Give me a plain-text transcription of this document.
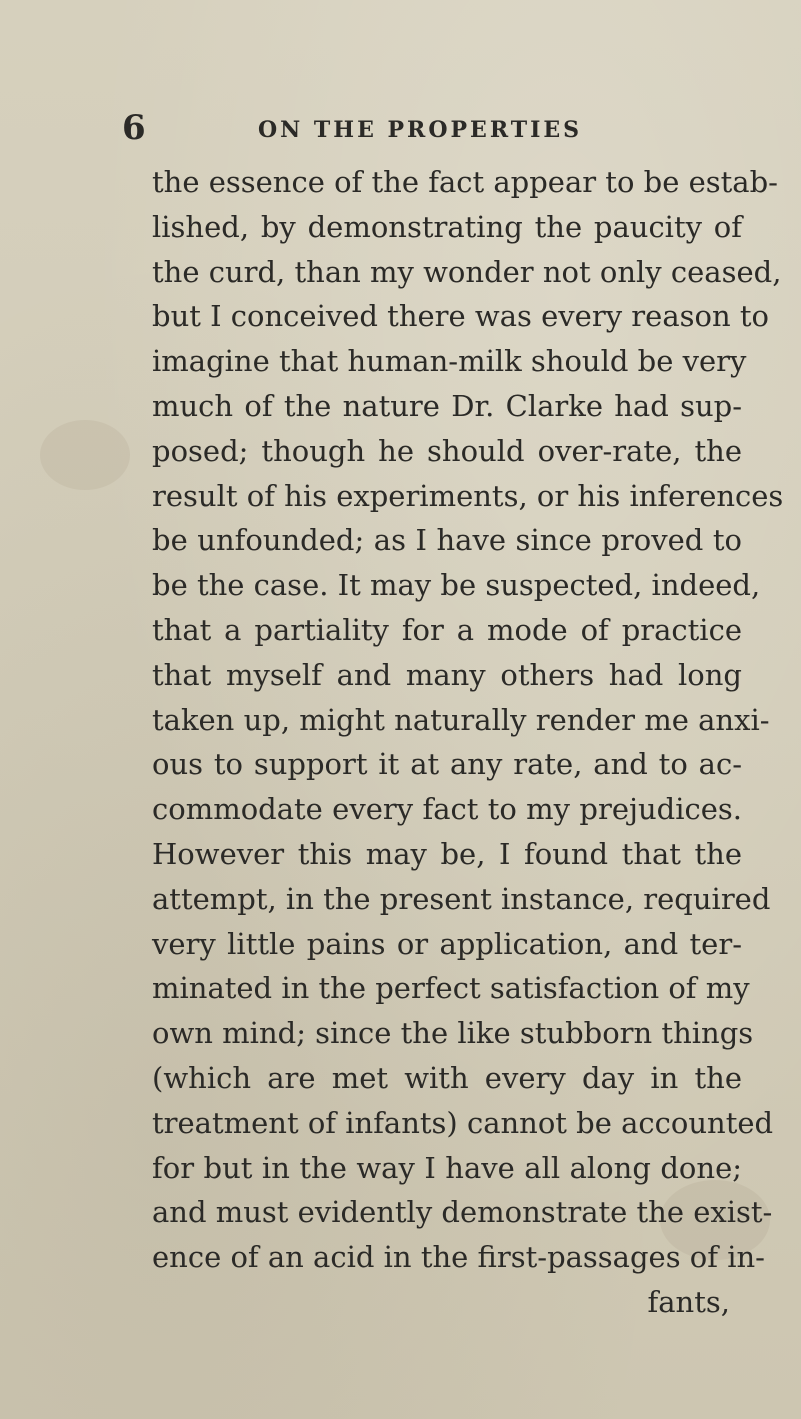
6	ON THE PROPERTIES
the essence of the fact appear to be estab-
lished, by demonstrating the paucity of
the curd, than my wonder not only ceased,
but I conceived there was every reason to
imagine that human-milk should be very
much of the nature Dr. Clarke had sup-
posed; though he should over-rate, the
result of his experiments, or his inferences
be unfounded; as I have since proved to
be the case. It may be suspected, indeed,
that a partiality for a mode of practice
that myself and many others had long
taken up, might naturally render me anxi-
ous to support it at any rate, and to ac-
commodate every fact to my prejudices.
However this may be, I found that the
attempt, in the present instance, required
very little pains or application, and ter-
minated in the perfect satisfaction of my
own mind; since the like stubborn things
(which are met with every day in the
treatment of infants) cannot be accounted
for but in the way I have all along done;
and must evidently demonstrate the exist-
ence of an acid in the first-passages of in-
fants,
